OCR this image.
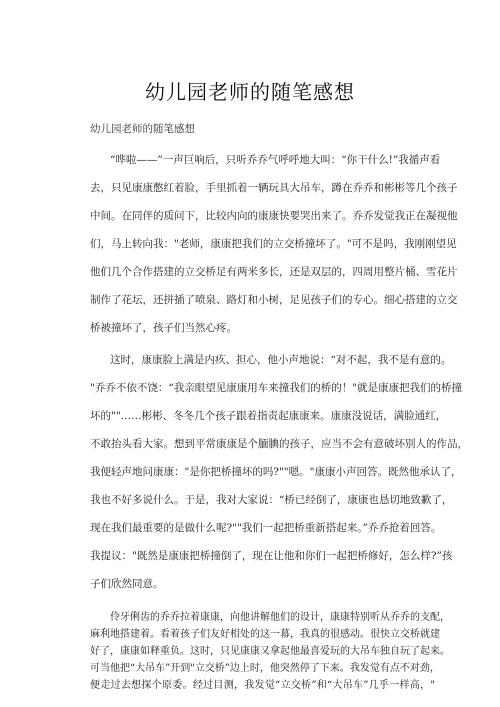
幼儿园老师的随笔感想
幼儿园老师的随笔感想
“哗啦——”一声巨响后，只听乔乔气呼呼地大叫：“你干什么!”我循声看
去，只见康康憋红着脸，手里抓着一辆玩具大吊车，蹲在乔乔和彬彬等几个孩子
中间。在同伴的质问下，比较内向的康康快要哭出来了。乔乔发觉我正在凝视他
们，马上转向我："老师，康康把我们的立交桥撞坏了。"可不是吗，我刚刚望见
他们几个合作搭建的立交桥足有两米多长，还是双层的，四周用整片桶、雪花片
制作了花坛，还拼插了喷泉、路灯和小树，足见孩子们的专心。细心搭建的立交
桥被撞坏了，孩子们当然心疼。
这时，康康脸上满是内疚、担心，他小声地说：“对不起，我不是有意的。
"乔乔不依不饶：“我亲眼望见康康用车来撞我们的桥的！"就是康康把我们的桥撞
坏的""……彬彬、冬冬几个孩子跟着指责起康康来。康康没说话，满脸通红，
不敢抬头看大家。想到平常康康是个腼腆的孩子，应当不会有意破坏别人的作品，
我便轻声地问康康："是你把桥撞坏的吗?""嗯。"康康小声回答。既然他承认了，
我也不好多说什么。于是，我对大家说：“桥已经倒了，康康也恳切地致歉了，
现在我们最重要的是做什么呢?""我们一起把桥重新搭起来。”乔乔抢着回答。
我提议："既然是康康把桥撞倒了，现在让他和你们一起把桥修好，怎么样?”孩
子们欣然同意。
伶牙俐齿的乔乔拉着康康，向他讲解他们的设计，康康特别听从乔乔的支配，
麻利地搭建着。看着孩子们友好相处的这一幕，我真的很感动。很快立交桥就建
好了，康康如释重负。这时，只见康康又拿起他最喜爱玩的大吊车独自玩了起来。
可当他把“大吊车”开到"立交桥”边上时，他突然停了下来。我发觉有点不对劲，
便走过去想探个原委。经过目测，我发觉“立交桥”和“大吊车”几乎一样高，"
